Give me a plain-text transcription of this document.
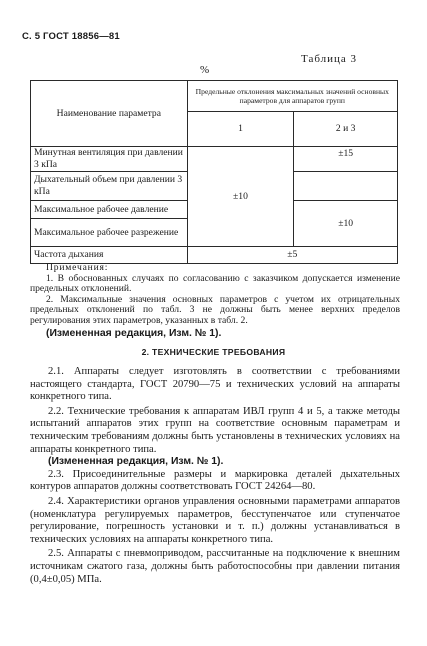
С. 5 ГОСТ 18856—81
Таблица 3
%
Наименование параметра	Предельные отклонения максимальных значений основных параметров для аппаратов групп	
	1	2 и 3
Минутная вентиляция при давлении 3 кПа	±10	±15
Дыхательный объем при давлении 3 кПа		
Максимальное рабочее давление		±10
Максимальное рабочее разрежение		
Частота дыхания	±5	

Примечания:

1. В обоснованных случаях по согласованию с заказчиком допускается изменение предельных отклонений.

2. Максимальные значения основных параметров с учетом их отрицательных предельных отклонений по табл. 3 не должны быть менее верхних пределов регулирования этих параметров, указанных в табл. 2.

(Измененная редакция, Изм. № 1).

2. ТЕХНИЧЕСКИЕ ТРЕБОВАНИЯ

2.1. Аппараты следует изготовлять в соответствии с требованиями настоящего стандарта, ГОСТ 20790—75 и технических условий на аппараты конкретного типа.

2.2. Технические требования к аппаратам ИВЛ групп 4 и 5, а также методы испытаний аппаратов этих групп на соответствие основным параметрам и техническим требованиям должны быть установлены в технических условиях на аппараты конкретного типа.

(Измененная редакция, Изм. № 1).

2.3. Присоединительные размеры и маркировка деталей дыхательных контуров аппаратов должны соответствовать ГОСТ 24264—80.

2.4. Характеристики органов управления основными параметрами аппаратов (номенклатура регулируемых параметров, бесступенчатое или ступенчатое регулирование, погрешность установки и т. п.) должны устанавливаться в технических условиях на аппараты конкретного типа.

2.5. Аппараты с пневмоприводом, рассчитанные на подключение к внешним источникам сжатого газа, должны быть работоспособны при давлении питания (0,4±0,05) МПа.
